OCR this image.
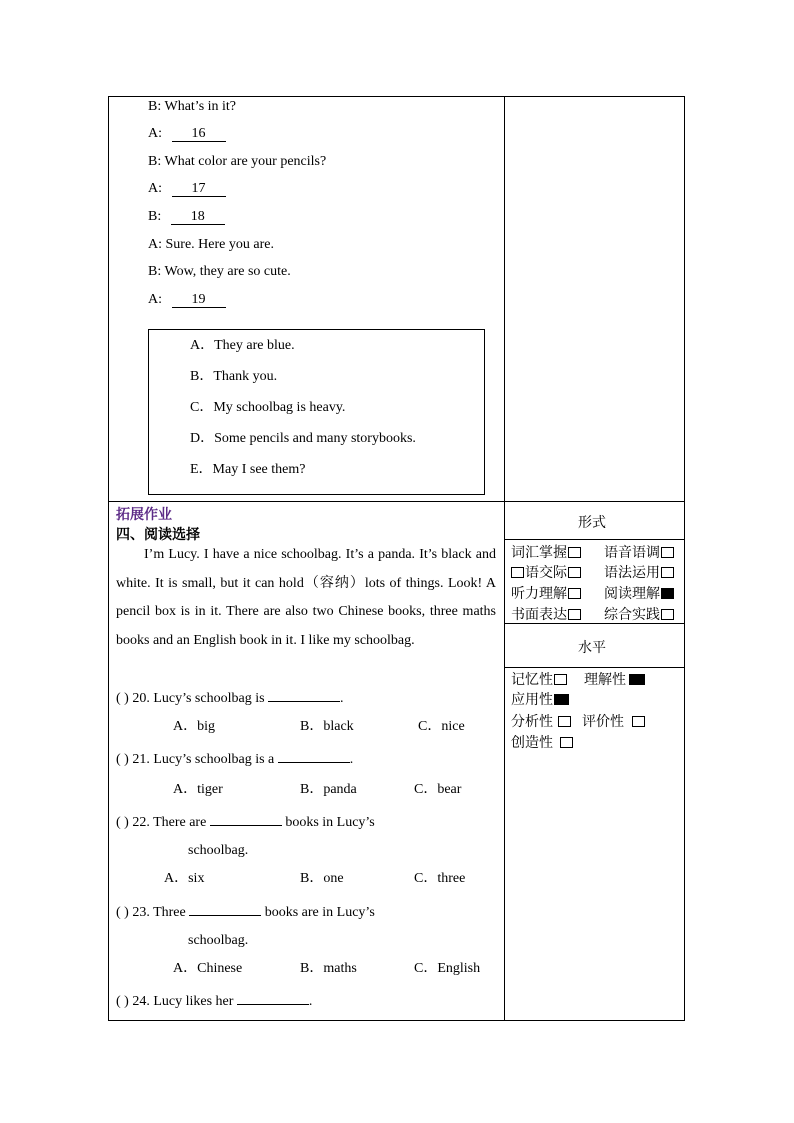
B: What’s in it?
A: 16
B: What color are your pencils?
A: 17
B: 18
A: Sure. Here you are.
B: Wow, they are so cute.
A: 19
A．They are blue.
B．Thank you.
C．My schoolbag is heavy.
D．Some pencils and many storybooks.
E．May I see them?
拓展作业
四、阅读选择
I’m Lucy. I have a nice schoolbag. It’s a panda. It’s black and white. It is small, but it can hold（容纳）lots of things. Look! A pencil box is in it. There are also two Chinese books, three maths books and an English book in it. I like my schoolbag.
( ) 20. Lucy’s schoolbag is	.
A．big	B．black	C．nice
( ) 21. Lucy’s schoolbag is a	.
A．tiger	B．panda	C．bear
( ) 22. There are	books in Lucy’s
schoolbag.
A．six	B．one	C．three
( ) 23. Three	books are in Lucy’s
schoolbag.
A．Chinese	B．maths	C．English
( ) 24. Lucy likes her	.
形式
词汇掌握	语音语调
语交际	语法运用
听力理解	阅读理解
书面表达	综合实践
水平
记忆性	理解性
应用性
分析性	评价性
创造性
